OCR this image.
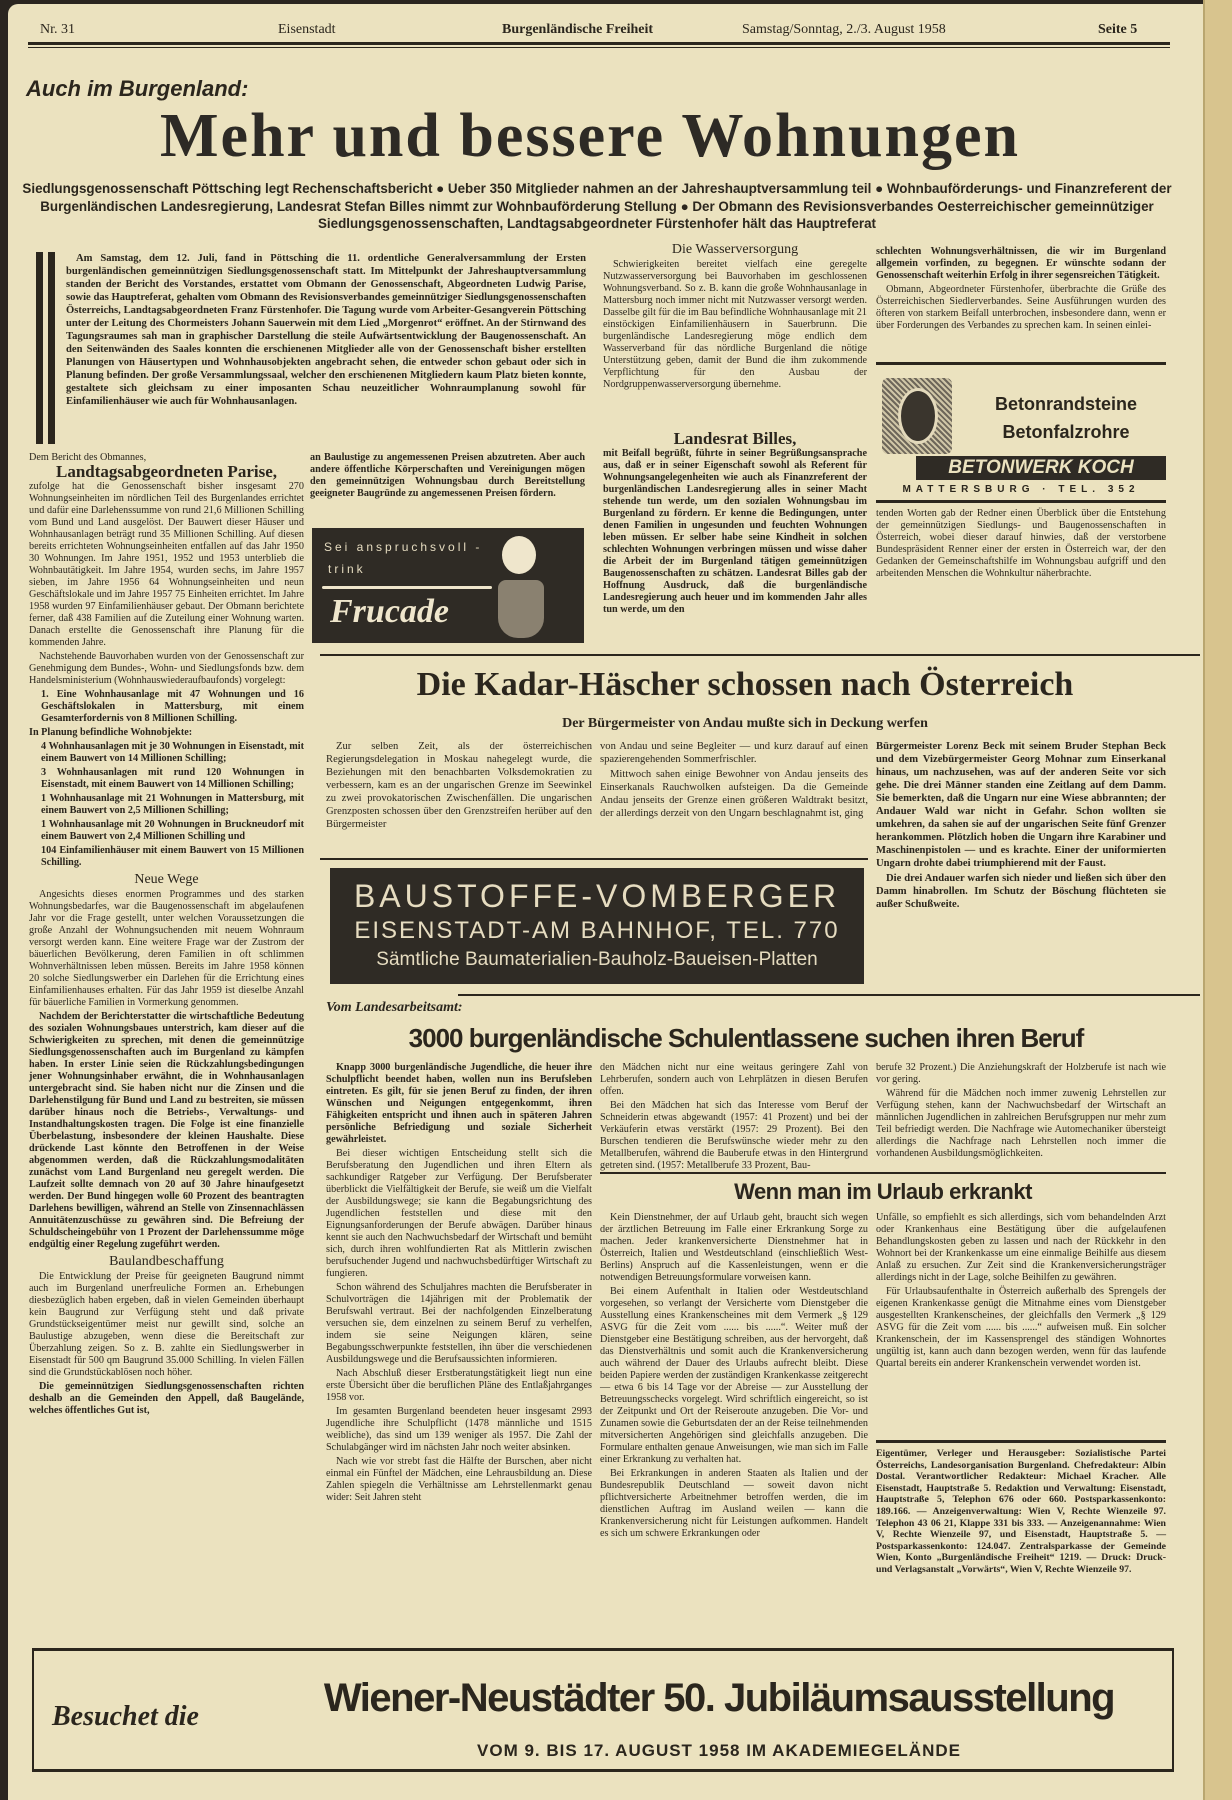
Nr. 31	Eisenstadt	Burgenländische Freiheit	Samstag/Sonntag, 2./3. August 1958	Seite 5
Auch im Burgenland:
Mehr und bessere Wohnungen
Siedlungsgenossenschaft Pöttsching legt Rechenschaftsbericht ● Ueber 350 Mitglieder nahmen an der Jahreshauptversammlung teil ● Wohnbauförderungs- und Finanzreferent der Burgenländischen Landesregierung, Landesrat Stefan Billes nimmt zur Wohnbauförderung Stellung ● Der Obmann des Revisionsverbandes Oesterreichischer gemeinnütziger Siedlungsgenossenschaften, Landtagsabgeordneter Fürstenhofer hält das Hauptreferat

Am Samstag, dem 12. Juli, fand in Pöttsching die 11. ordentliche Generalversammlung der Ersten burgenländischen gemeinnützigen Siedlungsgenossenschaft statt. Im Mittelpunkt der Jahreshauptversammlung standen der Bericht des Vorstandes, erstattet vom Obmann der Genossenschaft, Abgeordneten Ludwig Parise, sowie das Hauptreferat, gehalten vom Obmann des Revisionsverbandes gemeinnütziger Siedlungsgenossenschaften Österreichs, Landtagsabgeordneten Franz Fürstenhofer. Die Tagung wurde vom Arbeiter-Gesangverein Pöttsching unter der Leitung des Chormeisters Johann Sauerwein mit dem Lied „Morgenrot“ eröffnet. An der Stirnwand des Tagungsraumes sah man in graphischer Darstellung die steile Aufwärtsentwicklung der Baugenossenschaft. An den Seitenwänden des Saales konnten die erschienenen Mitglieder alle von der Genossenschaft bisher erstellten Planungen von Häusertypen und Wohnhausobjekten angebracht sehen, die entweder schon gebaut oder sich in Planung befinden. Der große Versammlungssaal, welcher den erschienenen Mitgliedern kaum Platz bieten konnte, gestaltete sich gleichsam zu einer imposanten Schau neuzeitlicher Wohnraumplanung sowohl für Einfamilienhäuser wie auch für Wohnhausanlagen.

Die Wasserversorgung

Schwierigkeiten bereitet vielfach eine geregelte Nutzwasserversorgung bei Bauvorhaben im geschlossenen Wohnungsverband. So z. B. kann die große Wohnhausanlage in Mattersburg noch immer nicht mit Nutzwasser versorgt werden. Dasselbe gilt für die im Bau befindliche Wohnhausanlage mit 21 einstöckigen Einfamilienhäusern in Sauerbrunn. Die burgenländische Landesregierung möge endlich dem Wasserverband für das nördliche Burgenland die nötige Unterstützung geben, damit der Bund die ihm zukommende Verpflichtung für den Ausbau der Nordgruppenwasserversorgung übernehme.

Landesrat Billes,

mit Beifall begrüßt, führte in seiner Begrüßungsansprache aus, daß er in seiner Eigenschaft sowohl als Referent für Wohnungsangelegenheiten wie auch als Finanzreferent der burgenländischen Landesregierung alles in seiner Macht stehende tun werde, um den sozialen Wohnungsbau im Burgenland zu fördern. Er kenne die Bedingungen, unter denen Familien in ungesunden und feuchten Wohnungen leben müssen. Er selber habe seine Kindheit in solchen schlechten Wohnungen verbringen müssen und wisse daher die Arbeit der im Burgenland tätigen gemeinnützigen Baugenossenschaften zu schätzen. Landesrat Billes gab der Hoffnung Ausdruck, daß die burgenländische Landesregierung auch heuer und im kommenden Jahr alles tun werde, um den

schlechten Wohnungsverhältnissen, die wir im Burgenland allgemein vorfinden, zu begegnen. Er wünschte sodann der Genossenschaft weiterhin Erfolg in ihrer segensreichen Tätigkeit.

Obmann, Abgeordneter Fürstenhofer, überbrachte die Grüße des Österreichischen Siedlerverbandes. Seine Ausführungen wurden des öfteren von starkem Beifall unterbrochen, insbesondere dann, wenn er über Forderungen des Verbandes zu sprechen kam. In seinen einlei-

Betonrandsteine
Betonfalzrohre
BETONWERK KOCH
MATTERSBURG · TEL. 352

tenden Worten gab der Redner einen Überblick über die Entstehung der gemeinnützigen Siedlungs- und Baugenossenschaften in Österreich, wobei dieser darauf hinwies, daß der verstorbene Bundespräsident Renner einer der ersten in Österreich war, der den Gedanken der Gemeinschaftshilfe im Wohnungsbau aufgriff und den arbeitenden Menschen die Wohnkultur näherbrachte.

Dem Bericht des Obmannes,

Landtagsabgeordneten Parise,

zufolge hat die Genossenschaft bisher insgesamt 270 Wohnungseinheiten im nördlichen Teil des Burgenlandes errichtet und dafür eine Darlehenssumme von rund 21,6 Millionen Schilling vom Bund und Land ausgelöst. Der Bauwert dieser Häuser und Wohnhausanlagen beträgt rund 35 Millionen Schilling. Auf diesen bereits errichteten Wohnungseinheiten entfallen auf das Jahr 1950 30 Wohnungen. Im Jahre 1951, 1952 und 1953 unterblieb die Wohnbautätigkeit. Im Jahre 1954, wurden sechs, im Jahre 1957 sieben, im Jahre 1956 64 Wohnungseinheiten und neun Geschäftslokale und im Jahre 1957 75 Einheiten errichtet. Im Jahre 1958 wurden 97 Einfamilienhäuser gebaut. Der Obmann berichtete ferner, daß 438 Familien auf die Zuteilung einer Wohnung warten. Danach erstellte die Genossenschaft ihre Planung für die kommenden Jahre.

Nachstehende Bauvorhaben wurden von der Genossenschaft zur Genehmigung dem Bundes-, Wohn- und Siedlungsfonds bzw. dem Handelsministerium (Wohnhauswiederaufbaufonds) vorgelegt:

1. Eine Wohnhausanlage mit 47 Wohnungen und 16 Geschäftslokalen in Mattersburg, mit einem Gesamterfordernis von 8 Millionen Schilling.

In Planung befindliche Wohnobjekte:

4 Wohnhausanlagen mit je 30 Wohnungen in Eisenstadt, mit einem Bauwert von 14 Millionen Schilling;

3 Wohnhausanlagen mit rund 120 Wohnungen in Eisenstadt, mit einem Bauwert von 14 Millionen Schilling;

1 Wohnhausanlage mit 21 Wohnungen in Mattersburg, mit einem Bauwert von 2,5 Millionen Schilling;

1 Wohnhausanlage mit 20 Wohnungen in Bruckneudorf mit einem Bauwert von 2,4 Millionen Schilling und

104 Einfamilienhäuser mit einem Bauwert von 15 Millionen Schilling.

Neue Wege

Angesichts dieses enormen Programmes und des starken Wohnungsbedarfes, war die Baugenossenschaft im abgelaufenen Jahr vor die Frage gestellt, unter welchen Voraussetzungen die große Anzahl der Wohnungsuchenden mit neuem Wohnraum versorgt werden kann. Eine weitere Frage war der Zustrom der bäuerlichen Bevölkerung, deren Familien in oft schlimmen Wohnverhältnissen leben müssen. Bereits im Jahre 1958 können 20 solche Siedlungswerber ein Darlehen für die Errichtung eines Einfamilienhauses erhalten. Für das Jahr 1959 ist dieselbe Anzahl für bäuerliche Familien in Vormerkung genommen.

Nachdem der Berichterstatter die wirtschaftliche Bedeutung des sozialen Wohnungsbaues unterstrich, kam dieser auf die Schwierigkeiten zu sprechen, mit denen die gemeinnützige Siedlungsgenossenschaften auch im Burgenland zu kämpfen haben. In erster Linie seien die Rückzahlungsbedingungen jener Wohnungsinhaber erwähnt, die in Wohnhausanlagen untergebracht sind. Sie haben nicht nur die Zinsen und die Darlehenstilgung für Bund und Land zu bestreiten, sie müssen darüber hinaus noch die Betriebs-, Verwaltungs- und Instandhaltungskosten tragen. Die Folge ist eine finanzielle Überbelastung, insbesondere der kleinen Haushalte. Diese drückende Last könnte den Betroffenen in der Weise abgenommen werden, daß die Rückzahlungsmodalitäten zunächst vom Land Burgenland neu geregelt werden. Die Laufzeit sollte demnach von 20 auf 30 Jahre hinaufgesetzt werden. Der Bund hingegen wolle 60 Prozent des beantragten Darlehens bewilligen, während an Stelle von Zinsennachlässen Annuitätenzuschüsse zu gewähren sind. Die Befreiung der Schuldscheingebühr von 1 Prozent der Darlehenssumme möge endgültig einer Regelung zugeführt werden.

Baulandbeschaffung

Die Entwicklung der Preise für geeigneten Baugrund nimmt auch im Burgenland unerfreuliche Formen an. Erhebungen diesbezüglich haben ergeben, daß in vielen Gemeinden überhaupt kein Baugrund zur Verfügung steht und daß private Grundstückseigentümer meist nur gewillt sind, solche an Baulustige abzugeben, wenn diese die Bereitschaft zur Überzahlung zeigen. So z. B. zahlte ein Siedlungswerber in Eisenstadt für 500 qm Baugrund 35.000 Schilling. In vielen Fällen sind die Grundstückablösen noch höher.

Die gemeinnützigen Siedlungsgenossenschaften richten deshalb an die Gemeinden den Appell, daß Baugelände, welches öffentliches Gut ist,

an Baulustige zu angemessenen Preisen abzutreten. Aber auch andere öffentliche Körperschaften und Vereinigungen mögen den gemeinnützigen Wohnungsbau durch Bereitstellung geeigneter Baugründe zu angemessenen Preisen fördern.

Sei anspruchsvoll -
trink
Frucade
Die Kadar-Häscher schossen nach Österreich
Der Bürgermeister von Andau mußte sich in Deckung werfen

Zur selben Zeit, als der österreichischen Regierungsdelegation in Moskau nahegelegt wurde, die Beziehungen mit den benachbarten Volksdemokratien zu verbessern, kam es an der ungarischen Grenze im Seewinkel zu zwei provokatorischen Zwischenfällen. Die ungarischen Grenzposten schossen über den Grenzstreifen herüber auf den Bürgermeister

von Andau und seine Begleiter — und kurz darauf auf einen spazierengehenden Sommerfrischler.

Mittwoch sahen einige Bewohner von Andau jenseits des Einserkanals Rauchwolken aufsteigen. Da die Gemeinde Andau jenseits der Grenze einen größeren Waldtrakt besitzt, der allerdings derzeit von den Ungarn beschlagnahmt ist, ging

Bürgermeister Lorenz Beck mit seinem Bruder Stephan Beck und dem Vizebürgermeister Georg Mohnar zum Einserkanal hinaus, um nachzusehen, was auf der anderen Seite vor sich gehe. Die drei Männer standen eine Zeitlang auf dem Damm. Sie bemerkten, daß die Ungarn nur eine Wiese abbrannten; der Andauer Wald war nicht in Gefahr. Schon wollten sie umkehren, da sahen sie auf der ungarischen Seite fünf Grenzer herankommen. Plötzlich hoben die Ungarn ihre Karabiner und Maschinenpistolen — und es krachte. Einer der uniformierten Ungarn drohte dabei triumphierend mit der Faust.

Die drei Andauer warfen sich nieder und ließen sich über den Damm hinabrollen. Im Schutz der Böschung flüchteten sie außer Schußweite.

BAUSTOFFE-VOMBERGER
EISENSTADT-AM BAHNHOF, TEL. 770
Sämtliche Baumaterialien-Bauholz-Baueisen-Platten
Vom Landesarbeitsamt:
3000 burgenländische Schulentlassene suchen ihren Beruf

Knapp 3000 burgenländische Jugendliche, die heuer ihre Schulpflicht beendet haben, wollen nun ins Berufsleben eintreten. Es gilt, für sie jenen Beruf zu finden, der ihren Wünschen und Neigungen entgegenkommt, ihren Fähigkeiten entspricht und ihnen auch in späteren Jahren persönliche Befriedigung und soziale Sicherheit gewährleistet.

Bei dieser wichtigen Entscheidung stellt sich die Berufsberatung den Jugendlichen und ihren Eltern als sachkundiger Ratgeber zur Verfügung. Der Berufsberater überblickt die Vielfältigkeit der Berufe, sie weiß um die Vielfalt der Ausbildungswege; sie kann die Begabungsrichtung des Jugendlichen feststellen und diese mit den Eignungsanforderungen der Berufe abwägen. Darüber hinaus kennt sie auch den Nachwuchsbedarf der Wirtschaft und bemüht sich, durch ihren wohlfundierten Rat als Mittlerin zwischen berufsuchender Jugend und nachwuchsbedürftiger Wirtschaft zu fungieren.

Schon während des Schuljahres machten die Berufsberater in Schulvorträgen die 14jährigen mit der Problematik der Berufswahl vertraut. Bei der nachfolgenden Einzelberatung versuchen sie, dem einzelnen zu seinem Beruf zu verhelfen, indem sie seine Neigungen klären, seine Begabungsschwerpunkte feststellen, ihn über die verschiedenen Ausbildungswege und die Berufsaussichten informieren.

Nach Abschluß dieser Erstberatungstätigkeit liegt nun eine erste Übersicht über die beruflichen Pläne des Entlaßjahrganges 1958 vor.

Im gesamten Burgenland beendeten heuer insgesamt 2993 Jugendliche ihre Schulpflicht (1478 männliche und 1515 weibliche), das sind um 139 weniger als 1957. Die Zahl der Schulabgänger wird im nächsten Jahr noch weiter absinken.

Nach wie vor strebt fast die Hälfte der Burschen, aber nicht einmal ein Fünftel der Mädchen, eine Lehrausbildung an. Diese Zahlen spiegeln die Verhältnisse am Lehrstellenmarkt genau wider: Seit Jahren steht

den Mädchen nicht nur eine weitaus geringere Zahl von Lehrberufen, sondern auch von Lehrplätzen in diesen Berufen offen.

Bei den Mädchen hat sich das Interesse vom Beruf der Schneiderin etwas abgewandt (1957: 41 Prozent) und bei der Verkäuferin etwas verstärkt (1957: 29 Prozent). Bei den Burschen tendieren die Berufswünsche wieder mehr zu den Metallberufen, während die Bauberufe etwas in den Hintergrund getreten sind. (1957: Metallberufe 33 Prozent, Bau-

berufe 32 Prozent.) Die Anziehungskraft der Holzberufe ist nach wie vor gering.

Während für die Mädchen noch immer zuwenig Lehrstellen zur Verfügung stehen, kann der Nachwuchsbedarf der Wirtschaft an männlichen Jugendlichen in zahlreichen Berufsgruppen nur mehr zum Teil befriedigt werden. Die Nachfrage wie Automechaniker übersteigt allerdings die Nachfrage nach Lehrstellen noch immer die vorhandenen Ausbildungsmöglichkeiten.

Wenn man im Urlaub erkrankt

Kein Dienstnehmer, der auf Urlaub geht, braucht sich wegen der ärztlichen Betreuung im Falle einer Erkrankung Sorge zu machen. Jeder krankenversicherte Dienstnehmer hat in Österreich, Italien und Westdeutschland (einschließlich West-Berlins) Anspruch auf die Kassenleistungen, wenn er die notwendigen Betreuungsformulare vorweisen kann.

Bei einem Aufenthalt in Italien oder Westdeutschland vorgesehen, so verlangt der Versicherte vom Dienstgeber die Ausstellung eines Krankenscheines mit dem Vermerk „§ 129 ASVG für die Zeit vom ...... bis ......“. Weiter muß der Dienstgeber eine Bestätigung schreiben, aus der hervorgeht, daß das Dienstverhältnis und somit auch die Krankenversicherung auch während der Dauer des Urlaubs aufrecht bleibt. Diese beiden Papiere werden der zuständigen Krankenkasse zeitgerecht — etwa 6 bis 14 Tage vor der Abreise — zur Ausstellung der Betreuungsschecks vorgelegt. Wird schriftlich eingereicht, so ist der Zeitpunkt und Ort der Reiseroute anzugeben. Die Vor- und Zunamen sowie die Geburtsdaten der an der Reise teilnehmenden mitversicherten Angehörigen sind gleichfalls anzugeben. Die Formulare enthalten genaue Anweisungen, wie man sich im Falle einer Erkrankung zu verhalten hat.

Bei Erkrankungen in anderen Staaten als Italien und der Bundesrepublik Deutschland — soweit davon nicht pflichtversicherte Arbeitnehmer betroffen werden, die im dienstlichen Auftrag im Ausland weilen — kann die Krankenversicherung nicht für Leistungen aufkommen. Handelt es sich um schwere Erkrankungen oder

Unfälle, so empfiehlt es sich allerdings, sich vom behandelnden Arzt oder Krankenhaus eine Bestätigung über die aufgelaufenen Behandlungskosten geben zu lassen und nach der Rückkehr in den Wohnort bei der Krankenkasse um eine einmalige Beihilfe aus diesem Anlaß zu ersuchen. Zur Zeit sind die Krankenversicherungsträger allerdings nicht in der Lage, solche Beihilfen zu gewähren.

Für Urlaubsaufenthalte in Österreich außerhalb des Sprengels der eigenen Krankenkasse genügt die Mitnahme eines vom Dienstgeber ausgestellten Krankenscheines, der gleichfalls den Vermerk „§ 129 ASVG für die Zeit vom ...... bis ......“ aufweisen muß. Ein solcher Krankenschein, der im Kassensprengel des ständigen Wohnortes ungültig ist, kann auch dann bezogen werden, wenn für das laufende Quartal bereits ein anderer Krankenschein verwendet worden ist.

Eigentümer, Verleger und Herausgeber: Sozialistische Partei Österreichs, Landesorganisation Burgenland. Chefredakteur: Albin Dostal. Verantwortlicher Redakteur: Michael Kracher. Alle Eisenstadt, Hauptstraße 5. Redaktion und Verwaltung: Eisenstadt, Hauptstraße 5, Telephon 676 oder 660. Postsparkassenkonto: 189.166. — Anzeigenverwaltung: Wien V, Rechte Wienzeile 97. Telephon 43 06 21, Klappe 331 bis 333. — Anzeigenannahme: Wien V, Rechte Wienzeile 97, und Eisenstadt, Hauptstraße 5. — Postsparkassenkonto: 124.047. Zentralsparkasse der Gemeinde Wien, Konto „Burgenländische Freiheit“ 1219. — Druck: Druck- und Verlagsanstalt „Vorwärts“, Wien V, Rechte Wienzeile 97.

Besuchet die	Wiener-Neustädter 50. Jubiläumsausstellung
VOM 9. BIS 17. AUGUST 1958 IM AKADEMIEGELÄNDE
